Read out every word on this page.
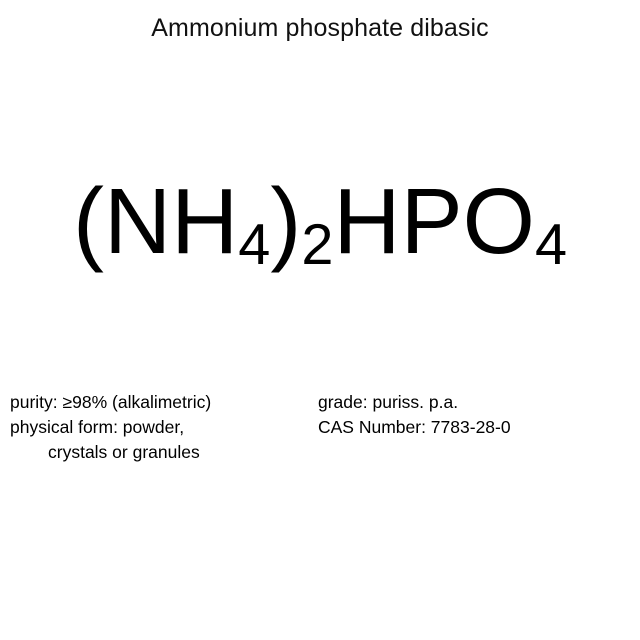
Ammonium phosphate dibasic
(NH4)2HPO4
purity: ≥98% (alkalimetric)
physical form: powder,
crystals or granules
grade: puriss. p.a.
CAS Number: 7783-28-0
